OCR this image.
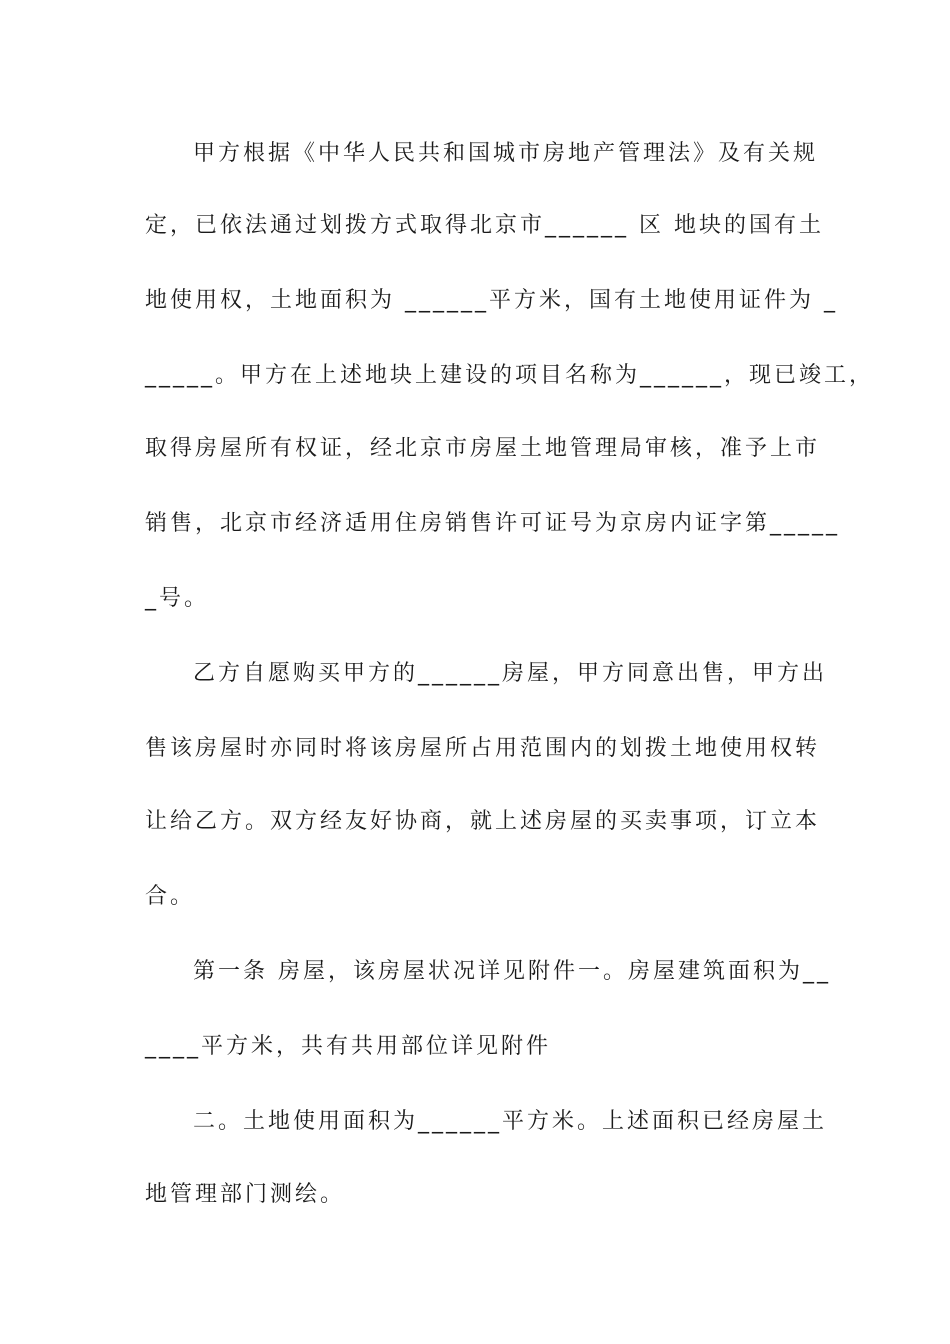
甲方根据《中华人民共和国城市房地产管理法》及有关规
定，已依法通过划拨方式取得北京市______ 区 地块的国有土
地使用权，土地面积为 ______平方米，国有土地使用证件为 _
_____。甲方在上述地块上建设的项目名称为______，现已竣工，
取得房屋所有权证，经北京市房屋土地管理局审核，准予上市
销售，北京市经济适用住房销售许可证号为京房内证字第_____
_号。
乙方自愿购买甲方的______房屋，甲方同意出售，甲方出
售该房屋时亦同时将该房屋所占用范围内的划拨土地使用权转
让给乙方。双方经友好协商，就上述房屋的买卖事项，订立本
合。
第一条 房屋，该房屋状况详见附件一。房屋建筑面积为__
____平方米，共有共用部位详见附件
二。土地使用面积为______平方米。上述面积已经房屋土
地管理部门测绘。
